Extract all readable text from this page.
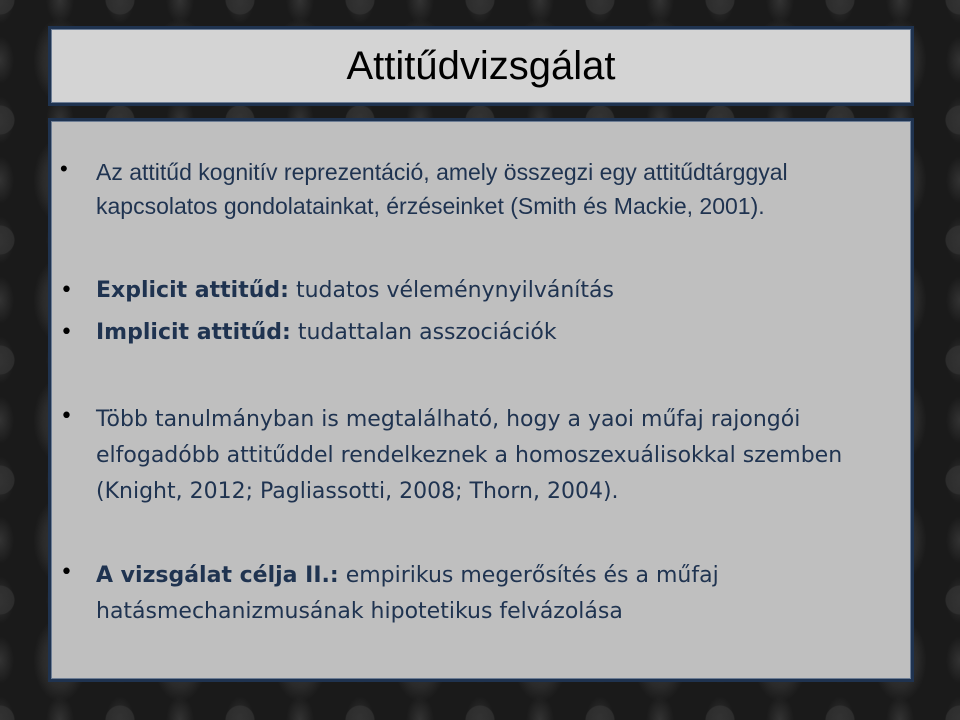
Attitűdvizsgálat
• Az attitűd kognitív reprezentáció, amely összegzi egy attitűdtárggyal
kapcsolatos gondolatainkat, érzéseinket (Smith és Mackie, 2001).
• Explicit attitűd: tudatos véleménynyilvánítás
• Implicit attitűd: tudattalan asszociációk
• Több tanulmányban is megtalálható, hogy a yaoi műfaj rajongói
elfogadóbb attitűddel rendelkeznek a homoszexuálisokkal szemben
(Knight, 2012; Pagliassotti, 2008; Thorn, 2004).
• A vizsgálat célja II.: empirikus megerősítés és a műfaj
hatásmechanizmusának hipotetikus felvázolása
